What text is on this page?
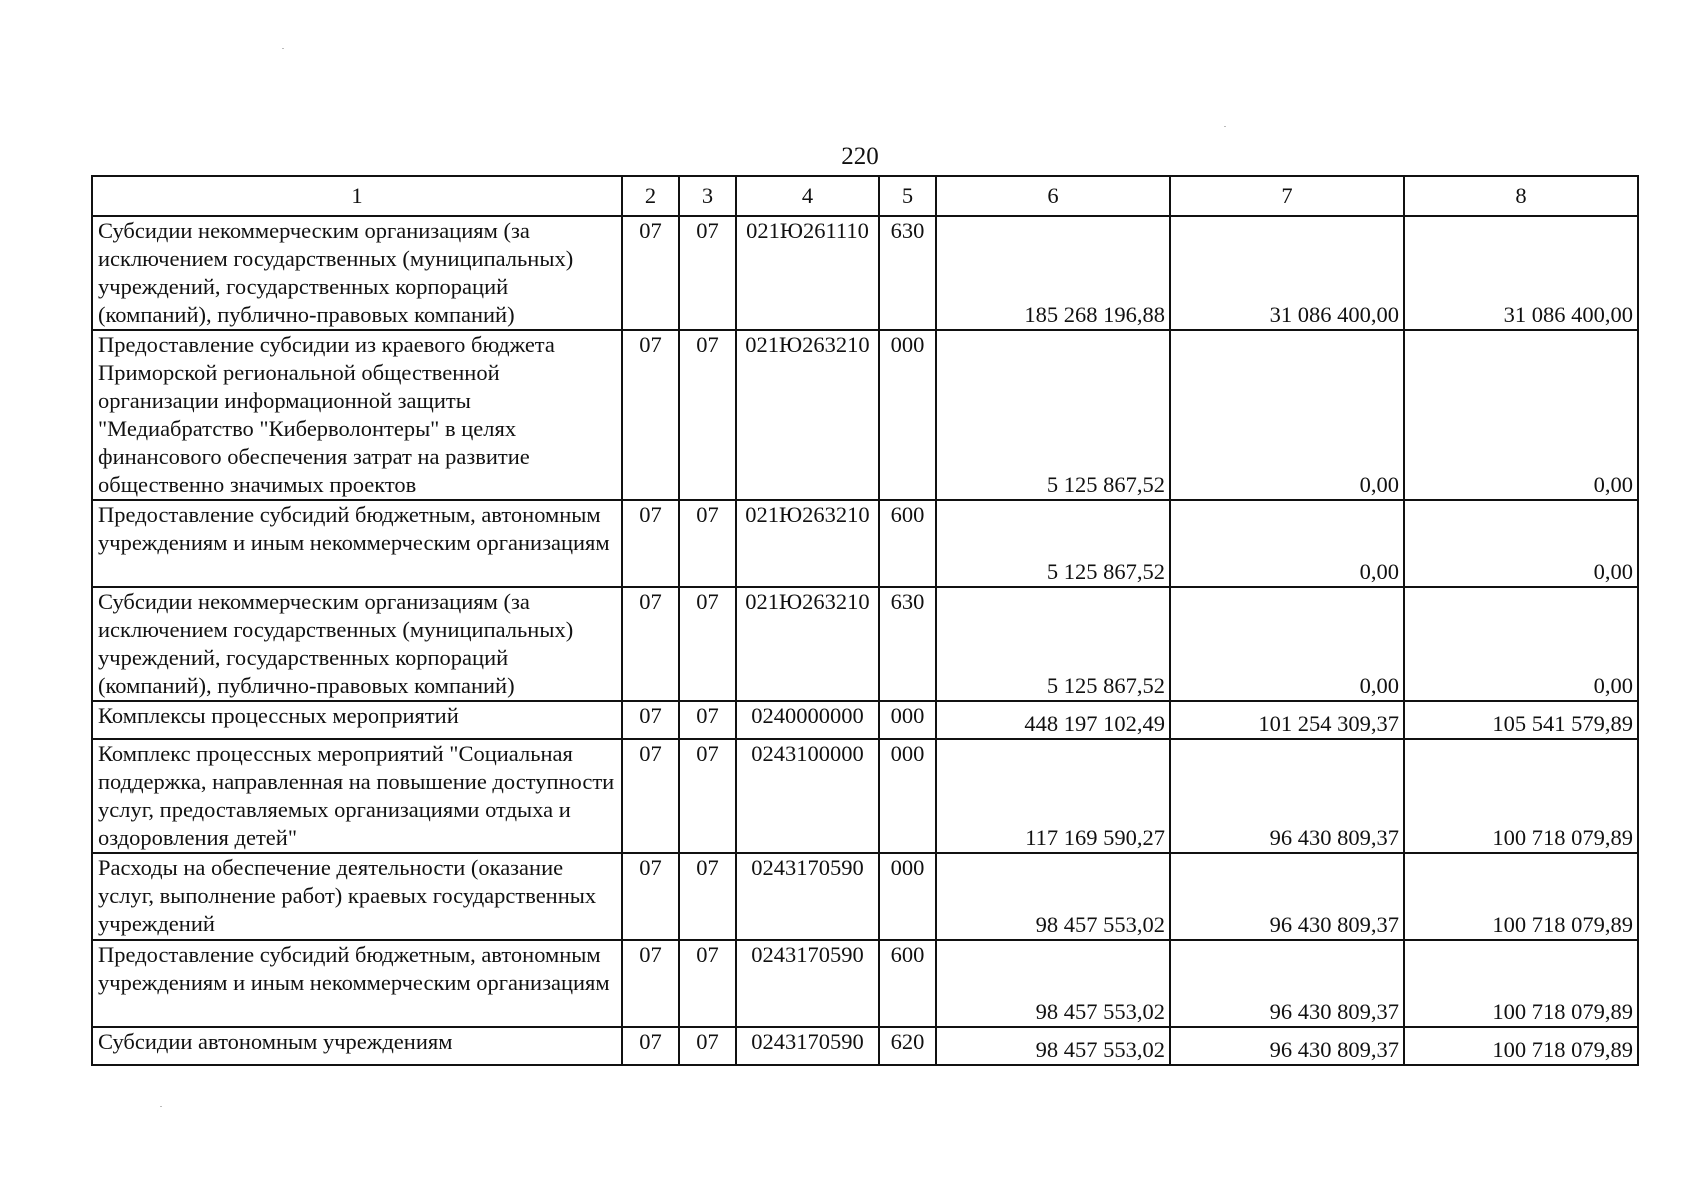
220
1	2	3	4	5	6	7	8
Субсидии некоммерческим организациям (за исключением государственных (муниципальных) учреждений, государственных корпораций (компаний), публично-правовых компаний)	07	07	021Ю261110	630	185 268 196,88	31 086 400,00	31 086 400,00
Предоставление субсидии из краевого бюджета Приморской региональной общественной организации информационной защиты "Медиабратство "Кибервол​онтеры" в целях финансового обеспечения затрат на развитие общественно значимых проектов	07	07	021Ю263210	000	5 125 867,52	0,00	0,00
Предоставление субсидий бюджетным, автономным учреждениям и иным некоммерческим организациям	07	07	021Ю263210	600	5 125 867,52	0,00	0,00
Субсидии некоммерческим организациям (за исключением государственных (муниципальных) учреждений, государственных корпораций (компаний), публично-правовых компаний)	07	07	021Ю263210	630	5 125 867,52	0,00	0,00
Комплексы процессных мероприятий	07	07	0240000000	000	448 197 102,49	101 254 309,37	105 541 579,89
Комплекс процессных мероприятий "Социальная поддержка, направленная на повышение доступности услуг, предоставляемых организациями отдыха и оздоровления детей"	07	07	0243100000	000	117 169 590,27	96 430 809,37	100 718 079,89
Расходы на обеспечение деятельности (оказание услуг, выполнение работ) краевых государственных учреждений	07	07	0243170590	000	98 457 553,02	96 430 809,37	100 718 079,89
Предоставление субсидий бюджетным, автономным учреждениям и иным некоммерческим организациям	07	07	0243170590	600	98 457 553,02	96 430 809,37	100 718 079,89
Субсидии автономным учреждениям	07	07	0243170590	620	98 457 553,02	96 430 809,37	100 718 079,89
